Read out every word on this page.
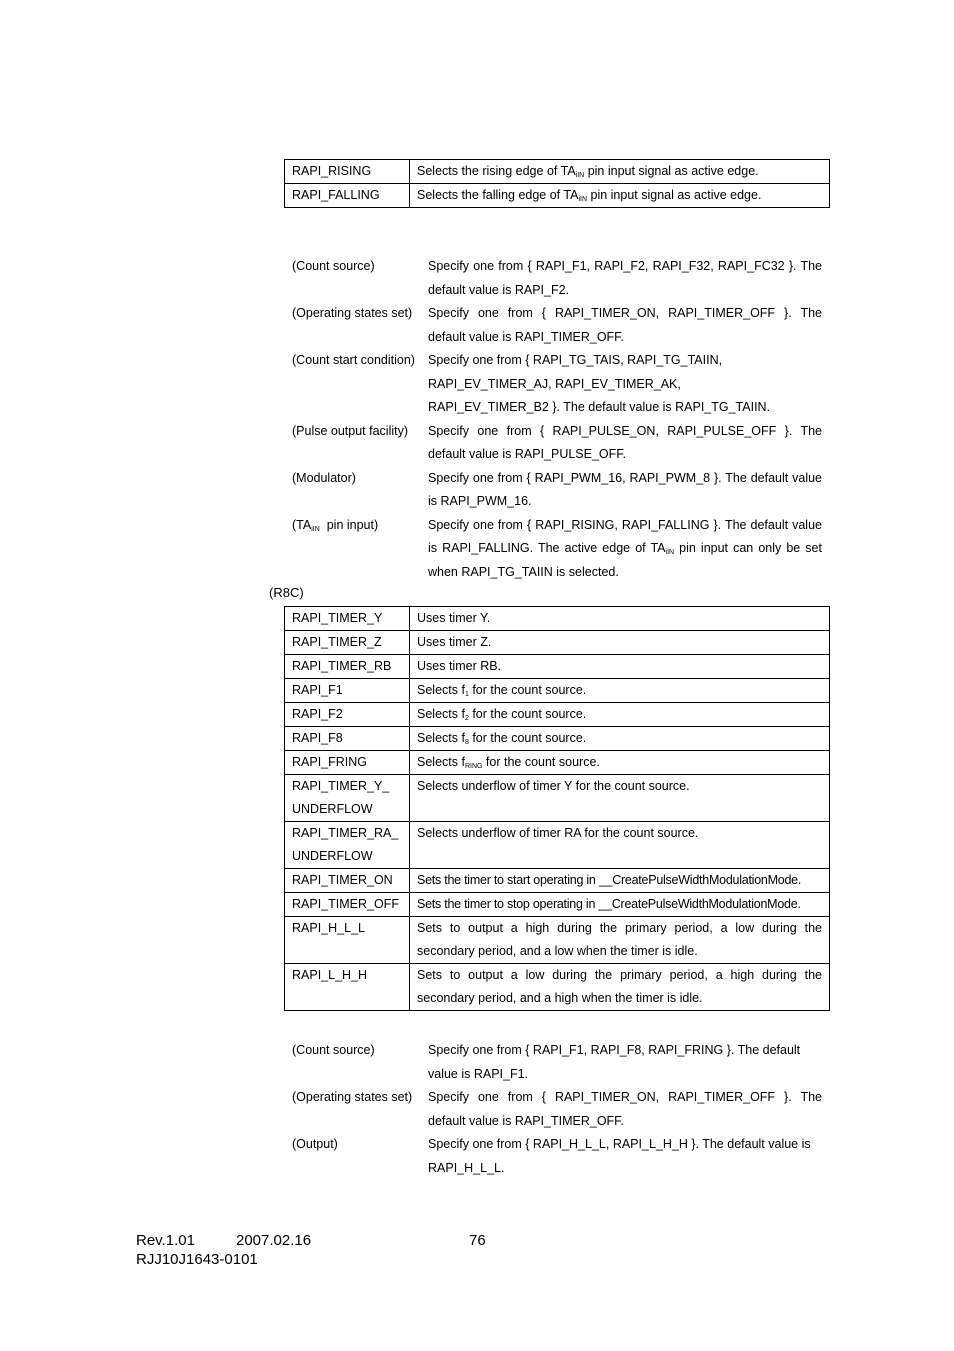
RAPI_RISING	Selects the rising edge of $TA_{iIN}$ pin input signal as active edge.
RAPI_FALLING	Selects the falling edge of $TA_{iIN}$ pin input signal as active edge.
(Count source)	Specify one from { RAPI_F1, RAPI_F2, RAPI_F32, RAPI_FC32 }. The default value is RAPI_F2.
(Operating states set)	Specify one from { RAPI_TIMER_ON, RAPI_TIMER_OFF }. The default value is RAPI_TIMER_OFF.
(Count start condition)	Specify one from { RAPI_TG_TAIS, RAPI_TG_TAIIN,
RAPI_EV_TIMER_AJ, RAPI_EV_TIMER_AK,
RAPI_EV_TIMER_B2 }. The default value is RAPI_TG_TAIIN.
(Pulse output facility)	Specify one from { RAPI_PULSE_ON, RAPI_PULSE_OFF }. The default value is RAPI_PULSE_OFF.
(Modulator)	Specify one from { RAPI_PWM_16, RAPI_PWM_8 }. The default value is RAPI_PWM_16.
($TA_{iIN}$  pin input)	Specify one from { RAPI_RISING, RAPI_FALLING }. The default value is RAPI_FALLING. The active edge of $TA_{iIN}$ pin input can only be set when RAPI_TG_TAIIN is selected.
(R8C)
RAPI_TIMER_Y	Uses timer Y.
RAPI_TIMER_Z	Uses timer Z.
RAPI_TIMER_RB	Uses timer RB.
RAPI_F1	Selects $f_1$ for the count source.
RAPI_F2	Selects $f_2$ for the count source.
RAPI_F8	Selects $f_8$ for the count source.
RAPI_FRING	Selects $f_{RING}$ for the count source.

RAPI_TIMER_Y_
UNDERFLOW	Selects underflow of timer Y for the count source.

RAPI_TIMER_RA_
UNDERFLOW	Selects underflow of timer RA for the count source.
RAPI_TIMER_ON	Sets the timer to start operating in __CreatePulseWidthModulationMode.
RAPI_TIMER_OFF	Sets the timer to stop operating in __CreatePulseWidthModulationMode.
RAPI_H_L_L	Sets to output a high during the primary period, a low during the secondary period, and a low when the timer is idle.
RAPI_L_H_H	Sets to output a low during the primary period, a high during the secondary period, and a high when the timer is idle.
(Count source)	Specify one from { RAPI_F1, RAPI_F8, RAPI_FRING }. The default value is RAPI_F1.
(Operating states set)	Specify one from { RAPI_TIMER_ON, RAPI_TIMER_OFF }. The default value is RAPI_TIMER_OFF.
(Output)	Specify one from { RAPI_H_L_L, RAPI_L_H_H }. The default value is RAPI_H_L_L.
Rev.1.01	2007.02.16	76
RJJ10J1643-0101
